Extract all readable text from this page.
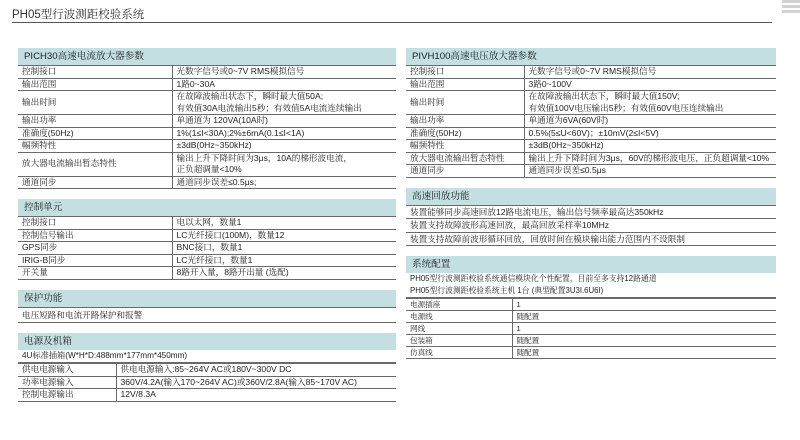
PH05型行波测距校验系统
PICH30高速电流放大器参数
控制接口	光数字信号或0~7V RMS模拟信号

输出范围	1路0~30A

输出时间	在故障波输出状态下，瞬时最大值50A;
有效值30A电流输出5秒；有效值5A电流连续输出

输出功率	单通道为 120VA(10A时)

准确度(50Hz)	1%(1≤I<30A);2%±6mA(0.1≤I<1A)

幅频特性	±3dB(0Hz~350kHz)

放大器电流输出暂态特性	输出上升下降时间为3μs，10A的梯形波电流，
正负超调量<10%

通道同步	通道同步误差≤0.5μs;
控制单元
控制接口	电以太网，数量1
控制信号输出	LC光纤接口(100M)，数量12
GPS同步	BNC接口，数量1
IRIG-B同步	LC光纤接口，数量1
开关量	8路开入量，8路开出量 (选配)
保护功能
电压短路和电流开路保护和报警
电源及机箱
4U标准插箱(W*H*D:488mm*177mm*450mm)
供电电源输入	供电电源输入:85~264V AC或180V~300V DC
功率电源输入	360V/4.2A(输入170~264V AC)或360V/2.8A(输入85~170V AC)
控制电源输出	12V/8.3A
PIVH100高速电压放大器参数
控制接口	光数字信号或0~7V RMS模拟信号

输出范围	3路0~100V

输出时间	在故障波输出状态下，瞬时最大值150V;
有效值100V电压输出5秒；有效值60V电压连续输出

输出功率	单通道为6VA(60V时)

准确度(50Hz)	0.5%(5≤U<60V)；±10mV(2≤I<5V)

幅频特性	±3dB(0Hz~350kHz)

放大器电流输出暂态特性	输出上升下降时间为3μs，60V的梯形波电压，正负超调量<10%

通道同步	通道同步误差≤0.5μs
高速回放功能
装置能够同步高速回放12路电流电压，输出信号频率最高达350kHz
装置支持故障波形高速回放，最高回放采样率10MHz
装置支持故障前波形循环回放，回放时间在模块输出能力范围内不设限制
系统配置
PH05型行波测距校验系统通信模块化个性配置，目前至多支持12路通道
PH05型行波测距校验系统主机 1台 (典型配置3U3I.6U6I)
电源插座	1
电源线	随配置
网线	1
包装箱	随配置
仿真线	随配置
